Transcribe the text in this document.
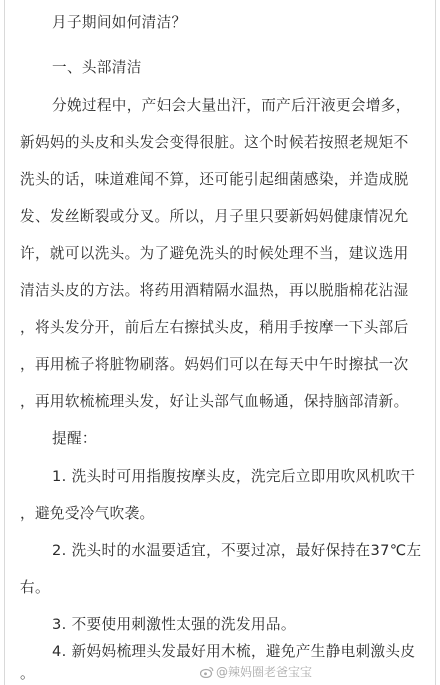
月子期间如何清洁？
一、头部清洁
分娩过程中，产妇会大量出汗，而产后汗液更会增多，
新妈妈的头皮和头发会变得很脏。这个时候若按照老规矩不
洗头的话，味道难闻不算，还可能引起细菌感染，并造成脱
发、发丝断裂或分叉。所以，月子里只要新妈妈健康情况允
许，就可以洗头。为了避免洗头的时候处理不当，建议选用
清洁头皮的方法。将药用酒精隔水温热，再以脱脂棉花沾湿
，将头发分开，前后左右擦拭头皮，稍用手按摩一下头部后
，再用梳子将脏物刷落。妈妈们可以在每天中午时擦拭一次
，再用软梳梳理头发，好让头部气血畅通，保持脑部清新。
提醒：
1. 洗头时可用指腹按摩头皮，洗完后立即用吹风机吹干
，避免受冷气吹袭。
2. 洗头时的水温要适宜，不要过凉，最好保持在37℃左
右。
3. 不要使用刺激性太强的洗发用品。
4. 新妈妈梳理头发最好用木梳，避免产生静电刺激头皮
。	@辣妈圈老爸宝宝
